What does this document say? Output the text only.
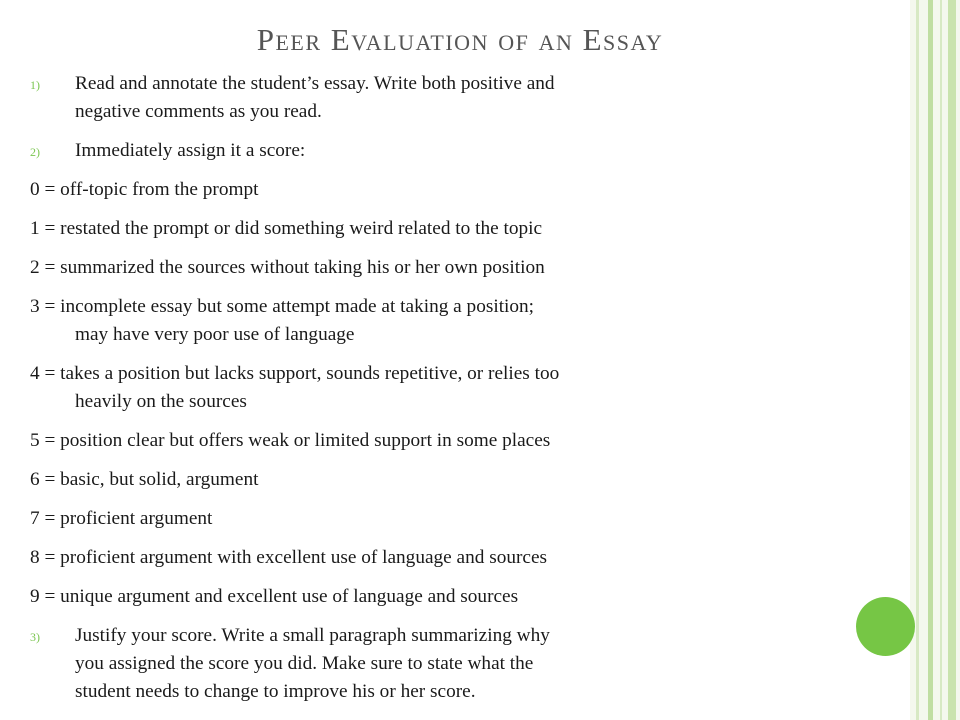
Peer Evaluation of an Essay
1) Read and annotate the student’s essay. Write both positive and
negative comments as you read.
2) Immediately assign it a score:
0 = off-topic from the prompt
1 = restated the prompt or did something weird related to the topic
2 = summarized the sources without taking his or her own position
3 = incomplete essay but some attempt made at taking a position;
may have very poor use of language
4 = takes a position but lacks support, sounds repetitive, or relies too
heavily on the sources
5 = position clear but offers weak or limited support in some places
6 = basic, but solid, argument
7 = proficient argument
8 = proficient argument with excellent use of language and sources
9 = unique argument and excellent use of language and sources
3) Justify your score. Write a small paragraph summarizing why
you assigned the score you did. Make sure to state what the
student needs to change to improve his or her score.
